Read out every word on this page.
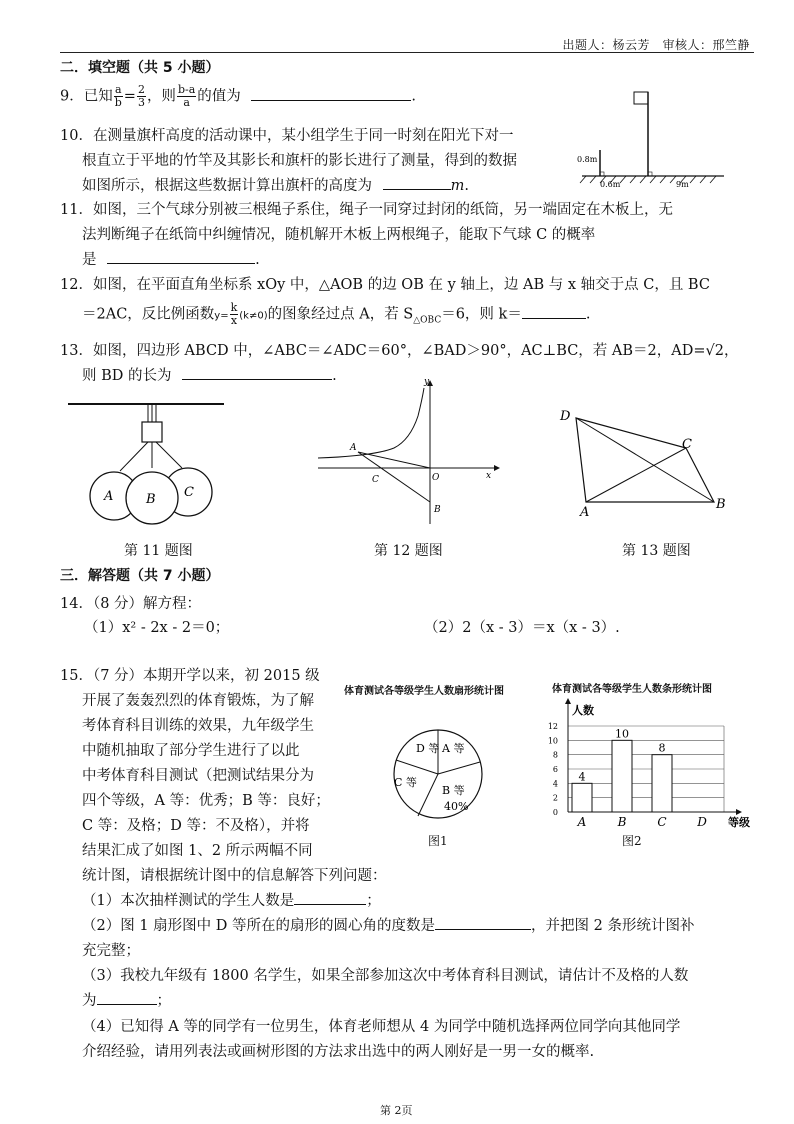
出题人：杨云芳　审核人：邢竺静
二．填空题（共 5 小题）
9．已知 $\frac{a}{b} = \frac{2}{3}$ ，则 $\frac{b-a}{a}$ 的值为	.
10．在测量旗杆高度的活动课中，某小组学生于同一时刻在阳光下对一
根直立于平地的竹竿及其影长和旗杆的影长进行了测量，得到的数据
如图所示，根据这些数据计算出旗杆的高度为	m.
0.8m
0.6m	9m
11．如图，三个气球分别被三根绳子系住，绳子一同穿过封闭的纸筒，另一端固定在木板上，无
法判断绳子在纸筒中纠缠情况，随机解开木板上两根绳子，能取下气球 C 的概率
是	.
12．如图，在平面直角坐标系 xOy 中，△AOB 的边 OB 在 y 轴上，边 AB 与 x 轴交于点 C，且 BC
＝2AC，反比例函数$y= \frac{k}{x} (k\ne 0)$的图象经过点 A，若 $S_{\triangle OBC}=6$，则 k＝	.
13．如图，四边形 ABCD 中，∠ABC＝∠ADC＝60°，∠BAD＞90°，AC⊥BC，若 AB＝2，AD=√2，
则 BD 的长为	.
A	B C
第 11 题图
y
x
A
C	O
B
第 12 题图
D
C
A
B
第 13 题图
三．解答题（共 7 小题）
14．（8 分）解方程：
（1）x² - 2x - 2＝0；	（2）2（x - 3）＝x（x - 3）.
15．（7 分）本期开学以来，初 2015 级
开展了轰轰烈烈的体育锻炼，为了解
考体育科目训练的效果，九年级学生
中随机抽取了部分学生进行了以此
中考体育科目测试（把测试结果分为
四个等级，A 等：优秀；B 等：良好；
C 等：及格；D 等：不及格），并将
结果汇成了如图 1、2 所示两幅不同
统计图，请根据统计图中的信息解答下列问题：
（1）本次抽样测试的学生人数是	；
（2）图 1 扇形图中 D 等所在的扇形的圆心角的度数是	，并把图 2 条形统计图补
充完整；
（3）我校九年级有 1800 名学生，如果全部参加这次中考体育科目测试，请估计不及格的人数
为	；
（4）已知得 A 等的同学有一位男生，体育老师想从 4 为同学中随机选择两位同学向其他同学
介绍经验，请用列表法或画树形图的方法求出选中的两人刚好是一男一女的概率.
体育测试各等级学生人数扇形统计图
D 等 A 等
C 等
B 等
40%
图1
体育测试各等级学生人数条形统计图
0
2
4
6
8
10
12
人数
等级
4
A
10
B
8
C	D
图2
第 2页
